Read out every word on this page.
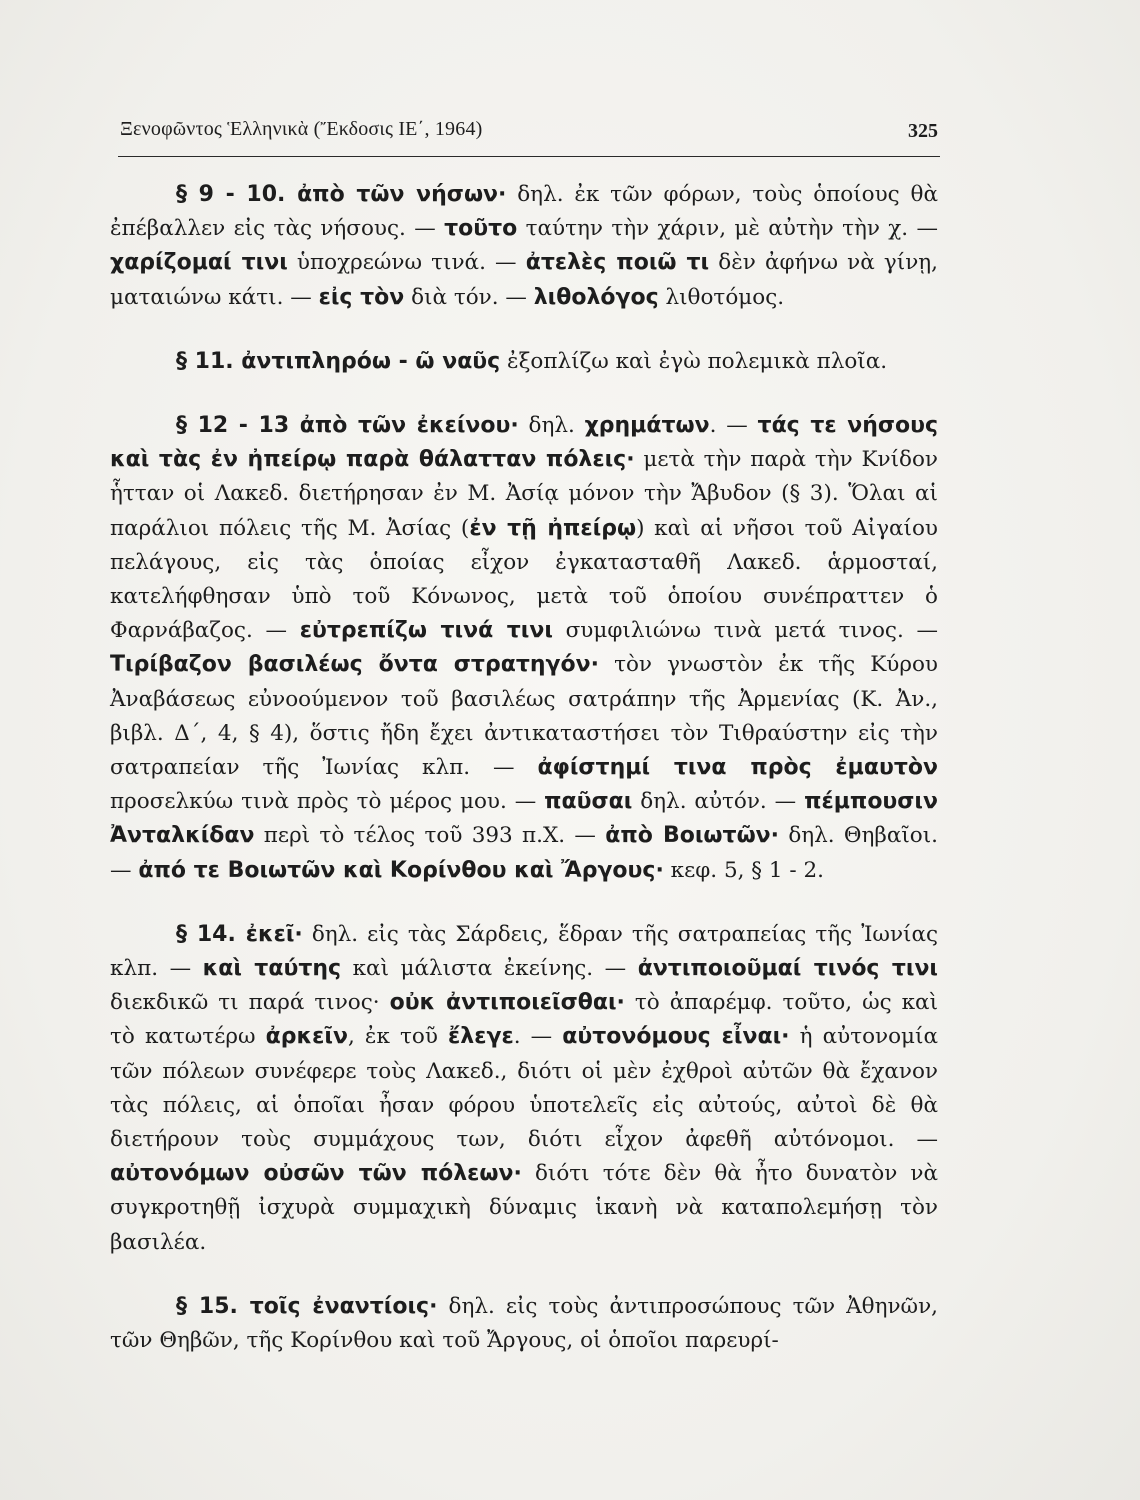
Ξενοφῶντος Ἑλληνικὰ (Ἔκδοσις ΙΕ΄, 1964)	325

§ 9 - 10. ἀπὸ τῶν νήσων· δηλ. ἐκ τῶν φόρων, τοὺς ὁποίους θὰ ἐπέβαλλεν εἰς τὰς νήσους. — τοῦτο ταύτην τὴν χάριν, μὲ αὐτὴν τὴν χ. — χαρίζομαί τινι ὑποχρεώνω τινά. — ἀτελὲς ποιῶ τι δὲν ἀφήνω νὰ γίνῃ, ματαιώνω κάτι. — εἰς τὸν διὰ τόν. — λιθολόγος λιθοτόμος.

§ 11. ἀντιπληρόω - ῶ ναῦς ἐξοπλίζω καὶ ἐγὼ πολεμικὰ πλοῖα.

§ 12 - 13 ἀπὸ τῶν ἐκείνου· δηλ. χρημάτων. — τάς τε νήσους καὶ τὰς ἐν ἠπείρῳ παρὰ θάλατταν πόλεις· μετὰ τὴν παρὰ τὴν Κνίδον ἧτταν οἱ Λακεδ. διετήρησαν ἐν Μ. Ἀσίᾳ μόνον τὴν Ἄβυδον (§ 3). Ὅλαι αἱ παράλιοι πόλεις τῆς Μ. Ἀσίας (ἐν τῇ ἠπείρῳ) καὶ αἱ νῆσοι τοῦ Αἰγαίου πελάγους, εἰς τὰς ὁποίας εἶχον ἐγκατασταθῆ Λακεδ. ἁρμοσταί, κατελήφθησαν ὑπὸ τοῦ Κόνωνος, μετὰ τοῦ ὁποίου συνέπραττεν ὁ Φαρνάβαζος. — εὐτρεπίζω τινά τινι συμφιλιώνω τινὰ μετά τινος. — Τιρίβαζον βασιλέως ὄντα στρατηγόν· τὸν γνωστὸν ἐκ τῆς Κύρου Ἀναβάσεως εὐνοούμενον τοῦ βασιλέως σατράπην τῆς Ἀρμενίας (Κ. Ἀν., βιβλ. Δ΄, 4, § 4), ὅστις ἤδη ἔχει ἀντικαταστήσει τὸν Τιθραύστην εἰς τὴν σατραπείαν τῆς Ἰωνίας κλπ. — ἀφίστημί τινα πρὸς ἐμαυτὸν προσελκύω τινὰ πρὸς τὸ μέρος μου. — παῦσαι δηλ. αὐτόν. — πέμπουσιν Ἀνταλκίδαν περὶ τὸ τέλος τοῦ 393 π.Χ. — ἀπὸ Βοιωτῶν· δηλ. Θηβαῖοι. — ἀπό τε Βοιωτῶν καὶ Κορίνθου καὶ Ἄργους· κεφ. 5, § 1 - 2.

§ 14. ἐκεῖ· δηλ. εἰς τὰς Σάρδεις, ἕδραν τῆς σατραπείας τῆς Ἰωνίας κλπ. — καὶ ταύτης καὶ μάλιστα ἐκείνης. — ἀντιποιοῦμαί τινός τινι διεκδικῶ τι παρά τινος· οὐκ ἀντιποιεῖσθαι· τὸ ἀπαρέμφ. τοῦτο, ὡς καὶ τὸ κατωτέρω ἀρκεῖν, ἐκ τοῦ ἔλεγε. — αὐτονόμους εἶναι· ἡ αὐτονομία τῶν πόλεων συνέφερε τοὺς Λακεδ., διότι οἱ μὲν ἐχθροὶ αὐτῶν θὰ ἔχανον τὰς πόλεις, αἱ ὁποῖαι ἦσαν φόρου ὑποτελεῖς εἰς αὐτούς, αὐτοὶ δὲ θὰ διετήρουν τοὺς συμμάχους των, διότι εἶχον ἀφεθῆ αὐτόνομοι. — αὐτονόμων οὐσῶν τῶν πόλεων· διότι τότε δὲν θὰ ἦτο δυνατὸν νὰ συγκροτηθῇ ἰσχυρὰ συμμαχικὴ δύναμις ἱκανὴ νὰ καταπολεμήσῃ τὸν βασιλέα.

§ 15. τοῖς ἐναντίοις· δηλ. εἰς τοὺς ἀντιπροσώπους τῶν Ἀθηνῶν, τῶν Θηβῶν, τῆς Κορίνθου καὶ τοῦ Ἄργους, οἱ ὁποῖοι παρευρί-
